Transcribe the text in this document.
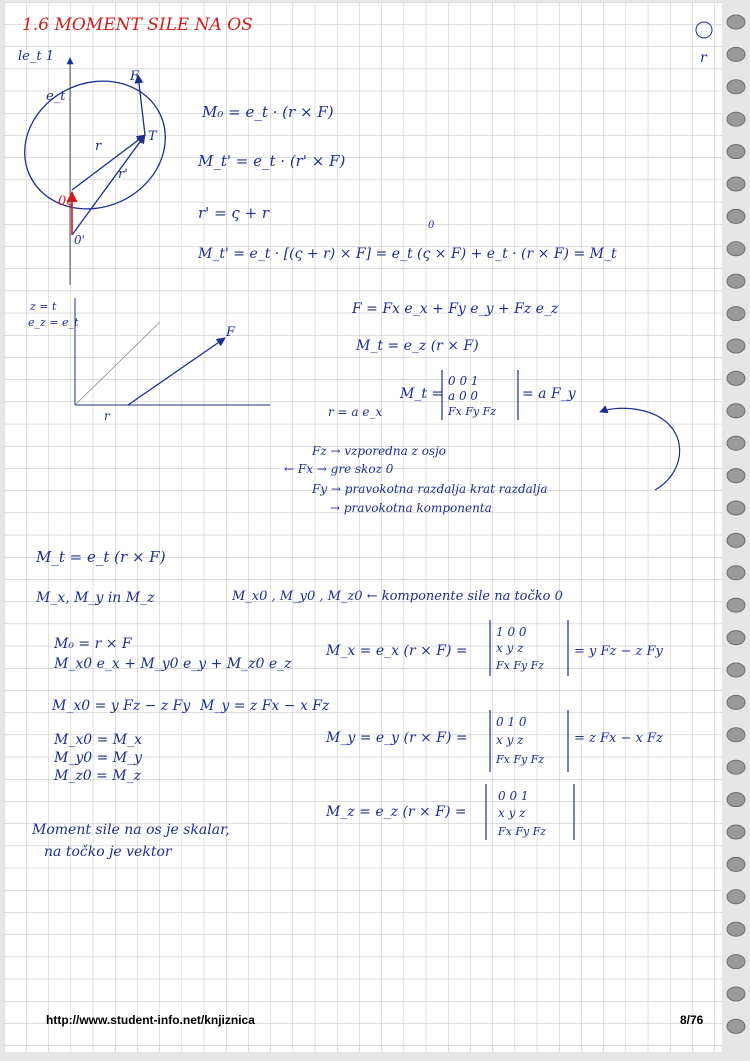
1.6 MOMENT SILE NA OS
r
le_t 1
e_t
F
T
r
r'
0ς
0'
M₀ = e_t · (r × F)
M_t' = e_t · (r' × F)
r' = ς + r
0
M_t' = e_t · [(ς + r) × F] = e_t (ς × F) + e_t · (r × F) = M_t
z = t
e_z = e_t
F
r
F = Fx e_x + Fy e_y + Fz e_z
M_t = e_z (r × F)
M_t =
0 0 1
a 0 0
Fx Fy Fz
= a F_y
r = a e_x
Fz → vzporedna z osjo
← Fx → gre skoz 0
Fy → pravokotna razdalja krat razdalja
→ pravokotna komponenta
M_t = e_t (r × F)
M_x, M_y in M_z	M_x0 , M_y0 , M_z0 ← komponente sile na točko 0
M₀ = r × F
M_x0 e_x + M_y0 e_y + M_z0 e_z
M_x0 = y Fz − z Fy M_y = z Fx − x Fz
M_x0 = M_x
M_y0 = M_y
M_z0 = M_z
M_x = e_x (r × F) =
1 0 0
x y z
Fx Fy Fz
= y Fz − z Fy
M_y = e_y (r × F) =
0 1 0
x y z
Fx Fy Fz
= z Fx − x Fz
M_z = e_z (r × F) =
0 0 1
x y z
Fx Fy Fz
Moment sile na os je skalar,
na točko je vektor
http://www.student-info.net/knjiznica	8/76
